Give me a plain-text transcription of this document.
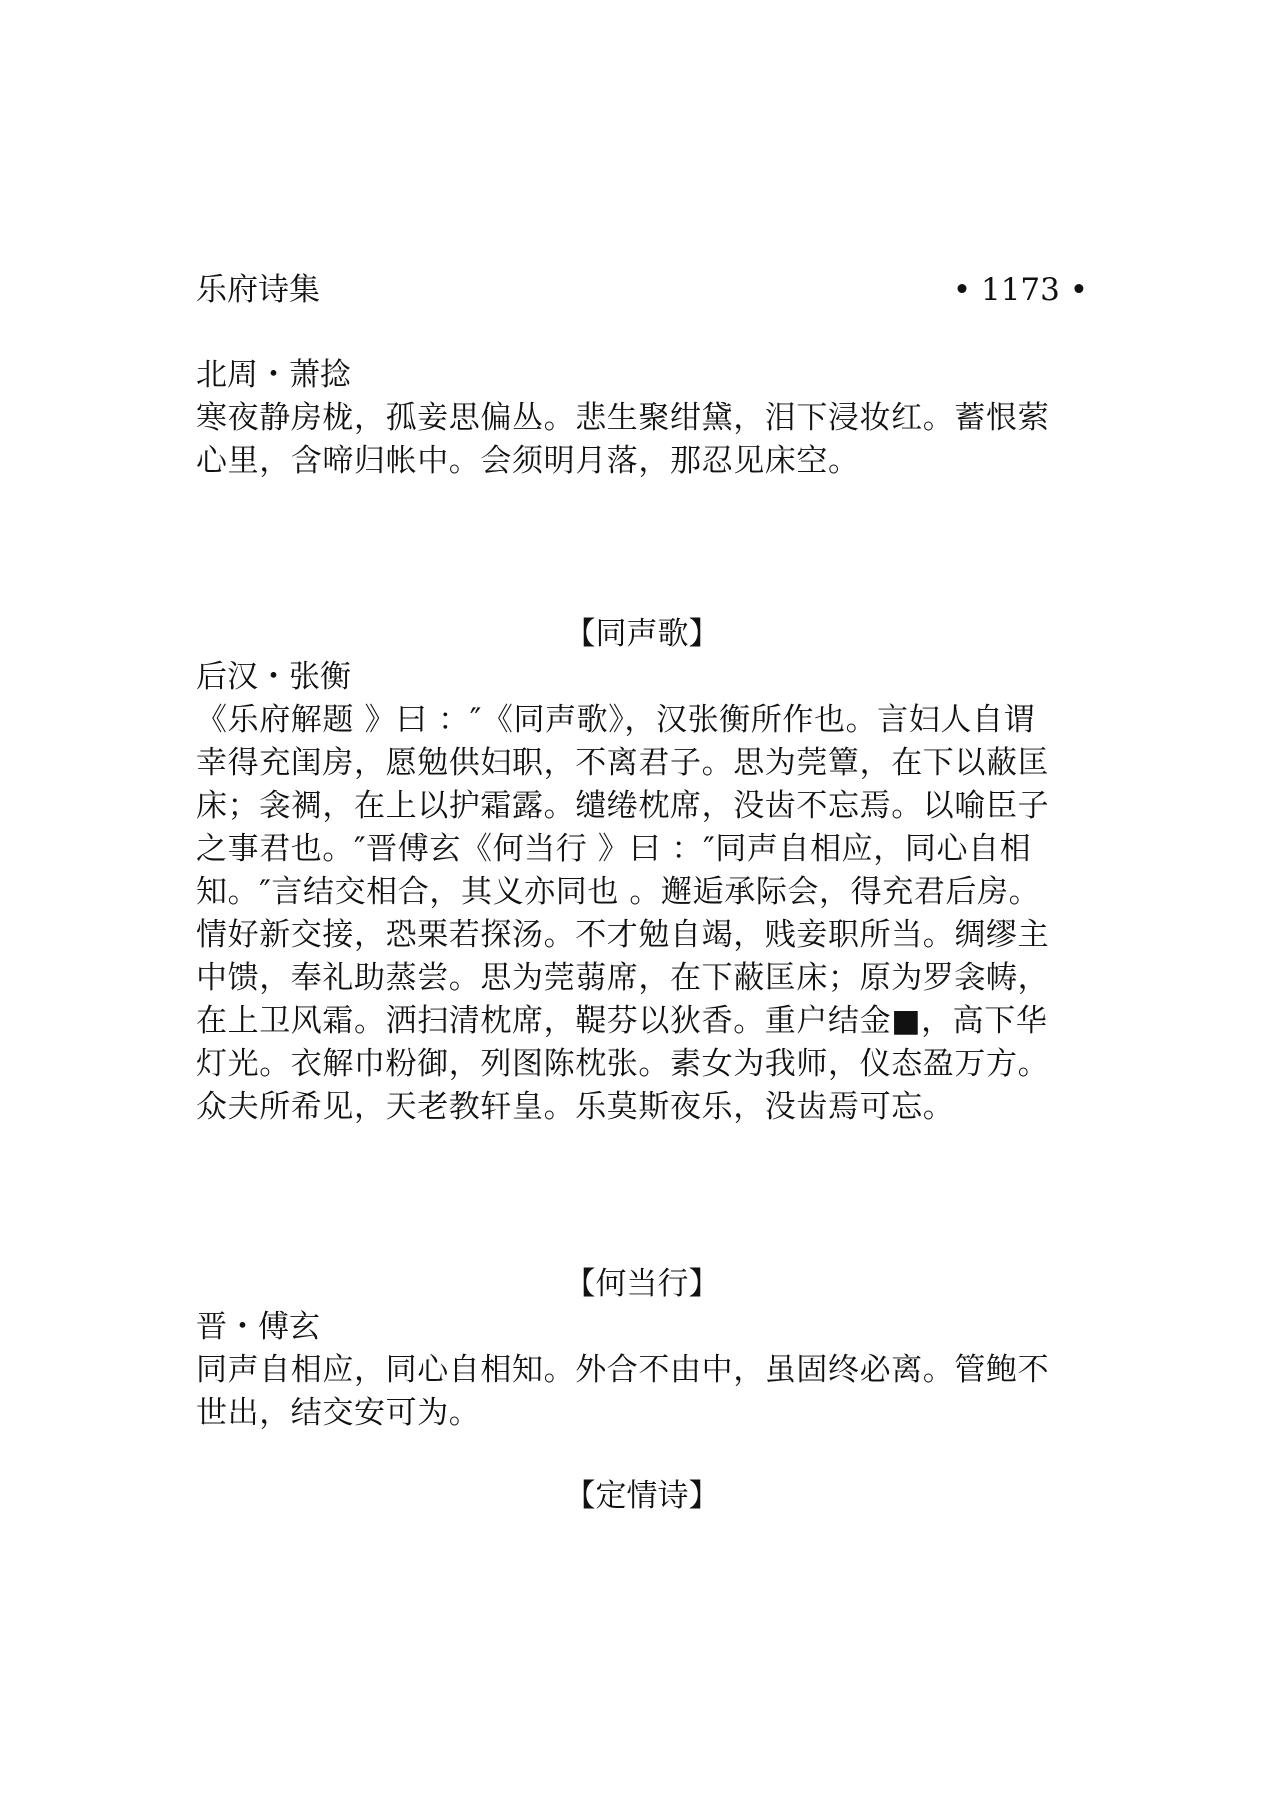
乐府诗集	• 1173 •
北周・萧捻
寒夜静房栊，孤妾思偏丛。悲生聚绀黛，泪下浸妆红。蓄恨萦
心里，含啼归帐中。会须明月落，那忍见床空。
【同声歌】
后汉・张衡
《乐府解题 》曰 ：″《同声歌》，汉张衡所作也。言妇人自谓
幸得充闺房，愿勉供妇职，不离君子。思为莞簟，在下以蔽匡
床；衾裯，在上以护霜露。缱绻枕席，没齿不忘焉。以喻臣子
之事君也。″晋傅玄《何当行 》曰 ：″同声自相应，同心自相
知。″言结交相合，其义亦同也 。邂逅承际会，得充君后房。
情好新交接，恐栗若探汤。不才勉自竭，贱妾职所当。绸缪主
中馈，奉礼助蒸尝。思为莞蒻席，在下蔽匡床；原为罗衾帱，
在上卫风霜。洒扫清枕席，鞮芬以狄香。重户结金■，高下华
灯光。衣解巾粉御，列图陈枕张。素女为我师，仪态盈万方。
众夫所希见，天老教轩皇。乐莫斯夜乐，没齿焉可忘。
【何当行】
晋・傅玄
同声自相应，同心自相知。外合不由中，虽固终必离。管鲍不
世出，结交安可为。
【定情诗】
